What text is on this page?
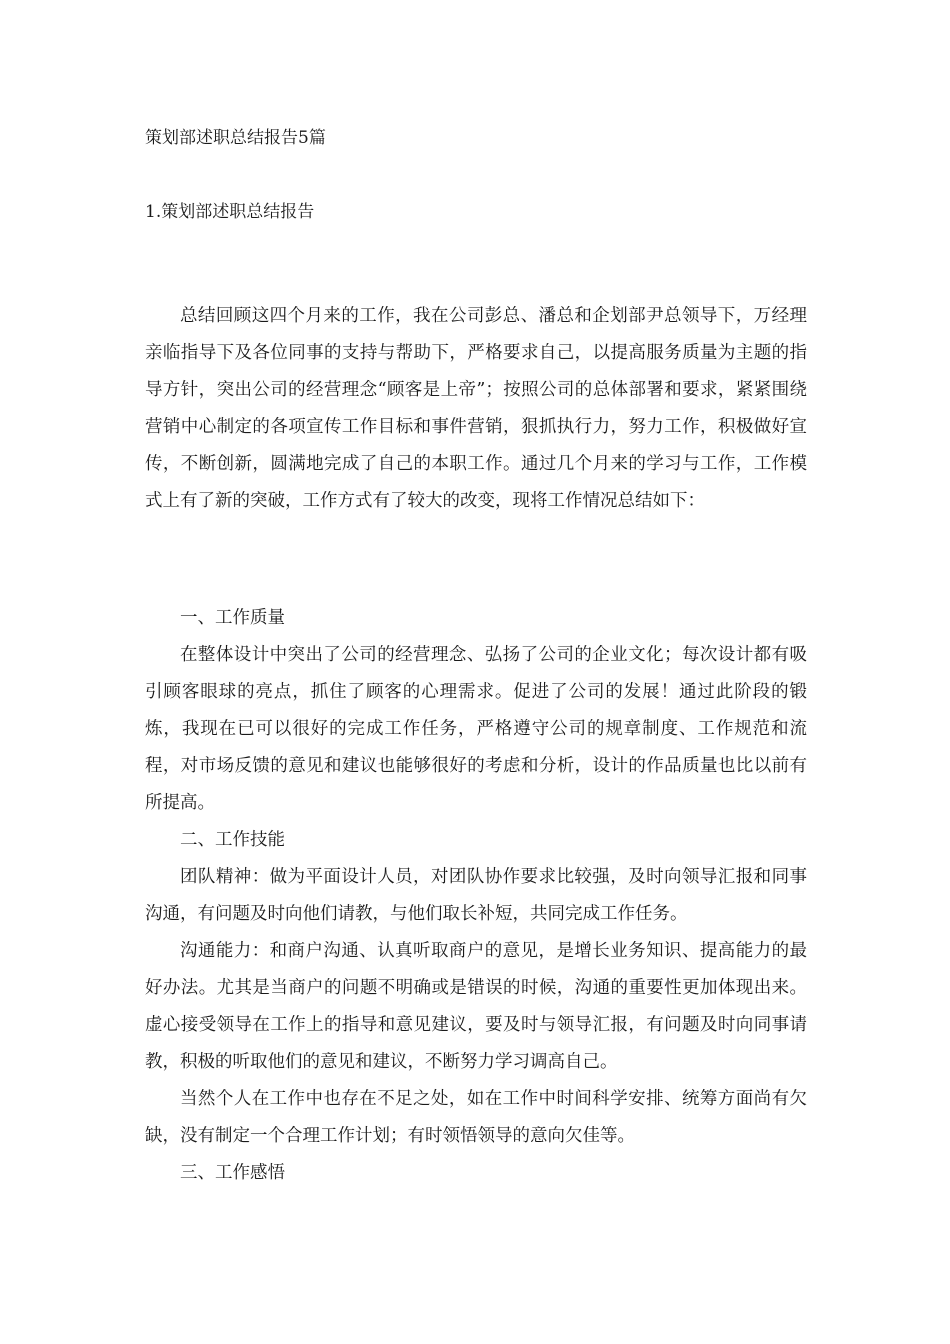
策划部述职总结报告5篇
1.策划部述职总结报告

总结回顾这四个月来的工作，我在公司彭总、潘总和企划部尹总领导下，万经理亲临指导下及各位同事的支持与帮助下，严格要求自己，以提高服务质量为主题的指导方针，突出公司的经营理念“顾客是上帝”；按照公司的总体部署和要求，紧紧围绕营销中心制定的各项宣传工作目标和事件营销，狠抓执行力，努力工作，积极做好宣传，不断创新，圆满地完成了自己的本职工作。通过几个月来的学习与工作，工作模式上有了新的突破，工作方式有了较大的改变，现将工作情况总结如下：

一、工作质量

在整体设计中突出了公司的经营理念、弘扬了公司的企业文化；每次设计都有吸引顾客眼球的亮点，抓住了顾客的心理需求。促进了公司的发展！通过此阶段的锻炼，我现在已可以很好的完成工作任务，严格遵守公司的规章制度、工作规范和流程，对市场反馈的意见和建议也能够很好的考虑和分析，设计的作品质量也比以前有所提高。

二、工作技能

团队精神：做为平面设计人员，对团队协作要求比较强，及时向领导汇报和同事沟通，有问题及时向他们请教，与他们取长补短，共同完成工作任务。

沟通能力：和商户沟通、认真听取商户的意见，是增长业务知识、提高能力的最好办法。尤其是当商户的问题不明确或是错误的时候，沟通的重要性更加体现出来。虚心接受领导在工作上的指导和意见建议，要及时与领导汇报，有问题及时向同事请教，积极的听取他们的意见和建议，不断努力学习调高自己。

当然个人在工作中也存在不足之处，如在工作中时间科学安排、统筹方面尚有欠缺，没有制定一个合理工作计划；有时领悟领导的意向欠佳等。

三、工作感悟
